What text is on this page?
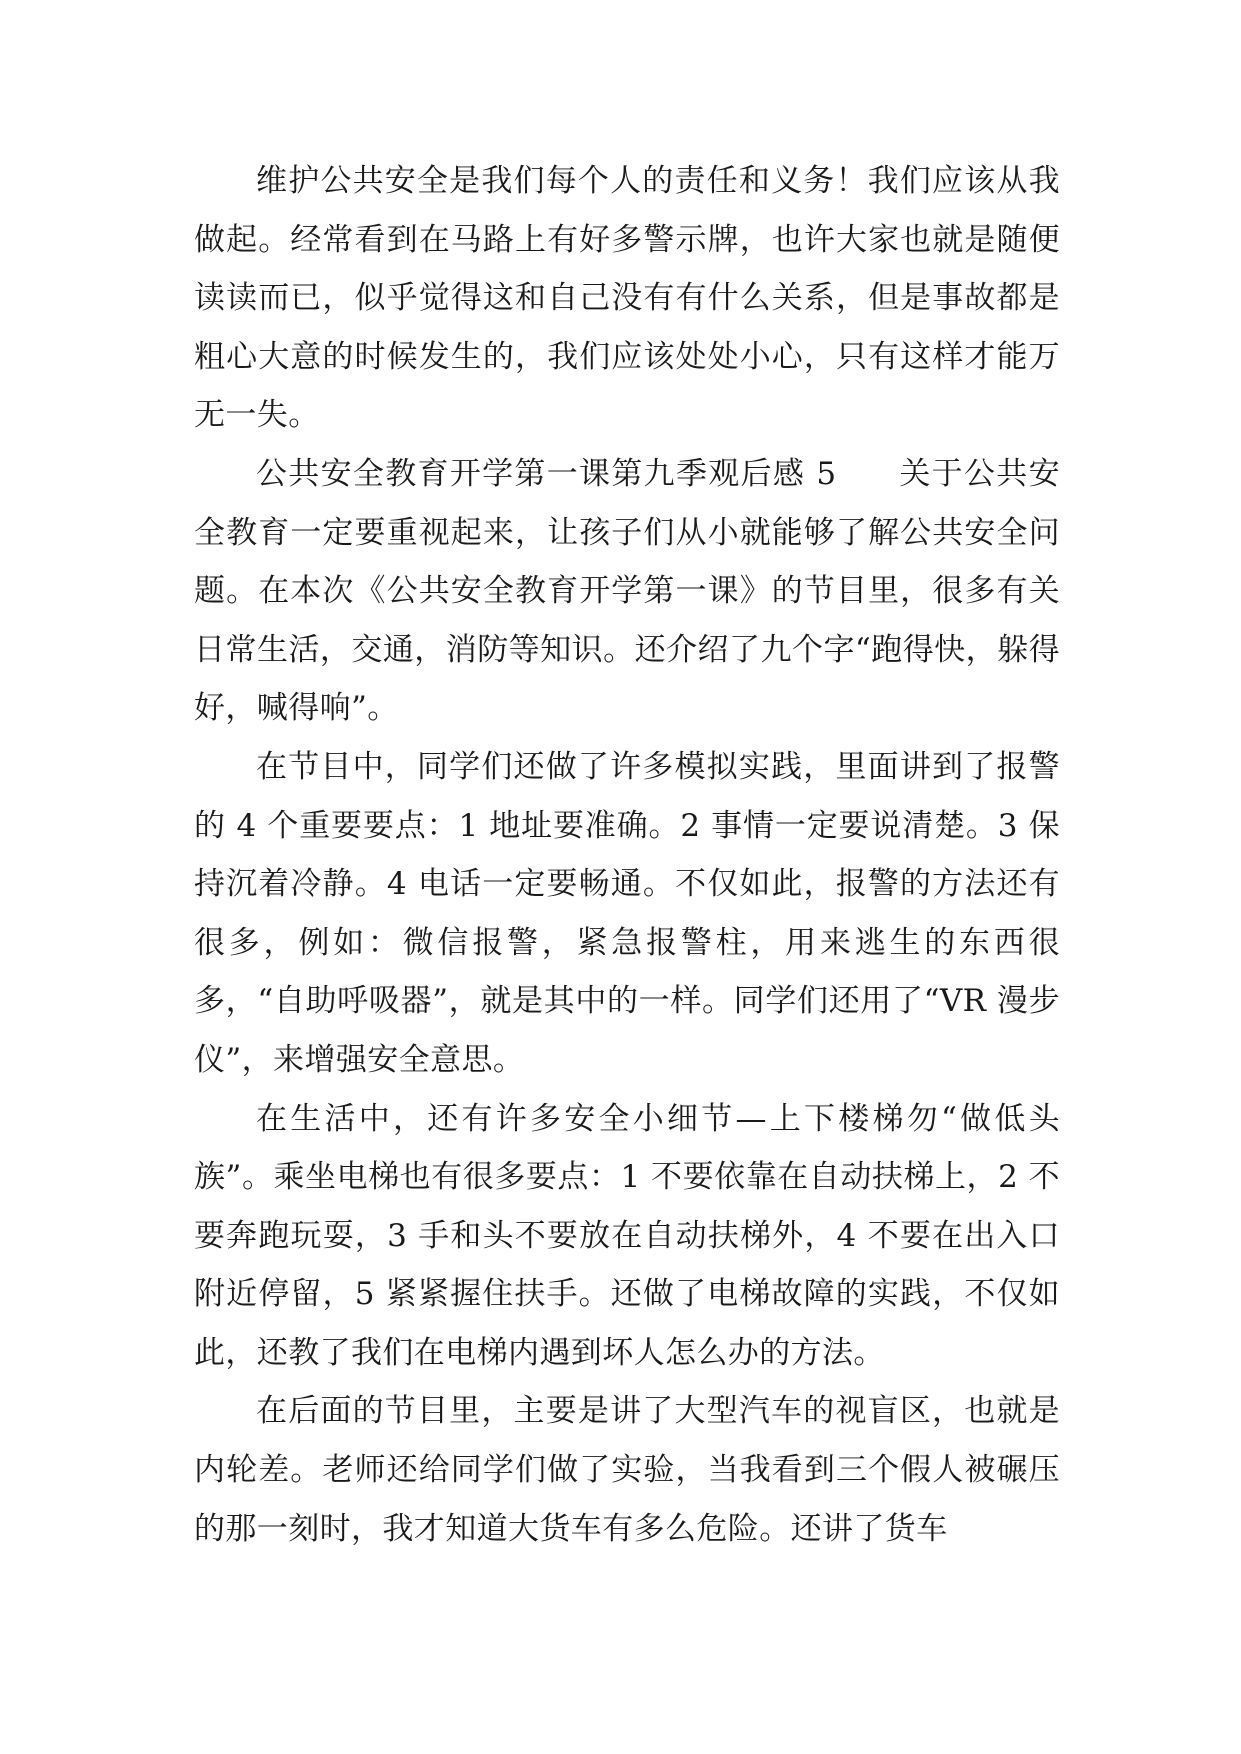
维护公共安全是我们每个人的责任和义务！我们应该从我做起。经常看到在马路上有好多警示牌，也许大家也就是随便读读而已，似乎觉得这和自己没有有什么关系，但是事故都是粗心大意的时候发生的，我们应该处处小心，只有这样才能万无一失。

公共安全教育开学第一课第九季观后感 5 关于公共安全教育一定要重视起来，让孩子们从小就能够了解公共安全问题。在本次《公共安全教育开学第一课》的节目里，很多有关日常生活，交通，消防等知识。还介绍了九个字“跑得快，躲得好，喊得响”。

在节目中，同学们还做了许多模拟实践，里面讲到了报警的 4 个重要要点：1 地址要准确。2 事情一定要说清楚。3 保持沉着冷静。4 电话一定要畅通。不仅如此，报警的方法还有很多，例如：微信报警，紧急报警柱，用来逃生的东西很多，“自助呼吸器”，就是其中的一样。同学们还用了“VR 漫步仪”，来增强安全意思。

在生活中，还有许多安全小细节—上下楼梯勿“做低头族”。乘坐电梯也有很多要点：1 不要依靠在自动扶梯上，2 不要奔跑玩耍，3 手和头不要放在自动扶梯外，4 不要在出入口附近停留，5 紧紧握住扶手。还做了电梯故障的实践，不仅如此，还教了我们在电梯内遇到坏人怎么办的方法。

在后面的节目里，主要是讲了大型汽车的视盲区，也就是内轮差。老师还给同学们做了实验，当我看到三个假人被碾压的那一刻时，我才知道大货车有多么危险。还讲了货车
